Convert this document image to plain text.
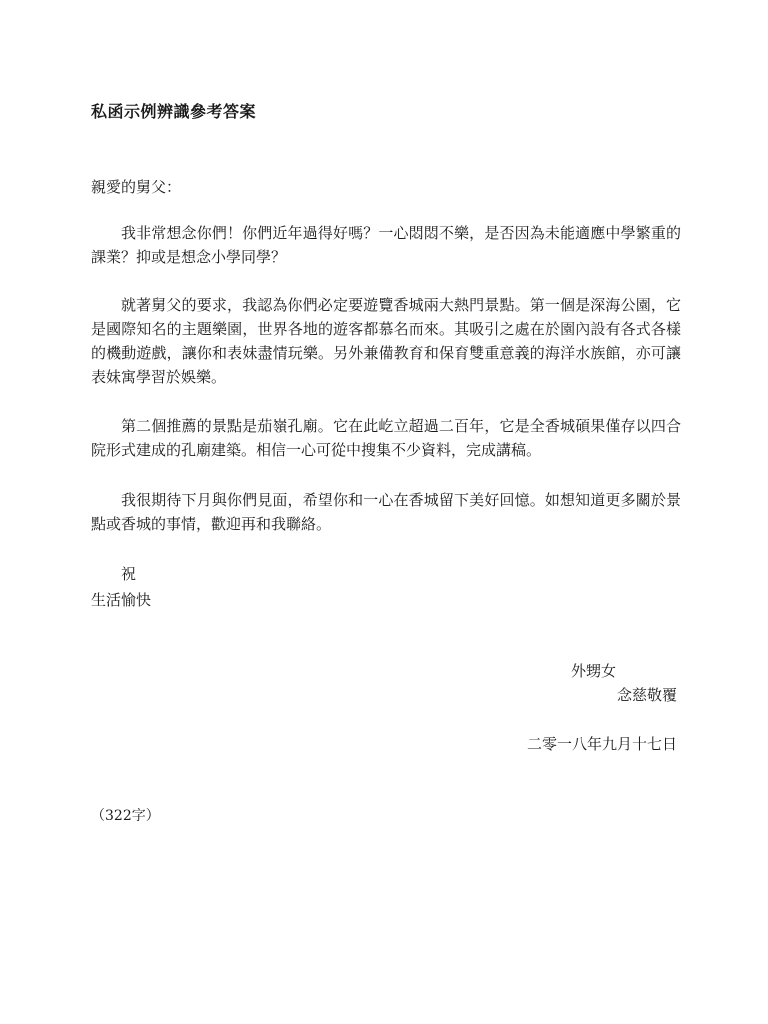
私函示例辨識參考答案
親愛的舅父：
我非常想念你們！你們近年過得好嗎？一心悶悶不樂，是否因為未能適應中學繁重的課業？抑或是想念小學同學？
就著舅父的要求，我認為你們必定要遊覽香城兩大熱門景點。第一個是深海公園，它是國際知名的主題樂園，世界各地的遊客都慕名而來。其吸引之處在於園內設有各式各樣的機動遊戲，讓你和表妹盡情玩樂。另外兼備教育和保育雙重意義的海洋水族館，亦可讓表妹寓學習於娛樂。
第二個推薦的景點是茄嶺孔廟。它在此屹立超過二百年，它是全香城碩果僅存以四合院形式建成的孔廟建築。相信一心可從中搜集不少資料，完成講稿。
我很期待下月與你們見面，希望你和一心在香城留下美好回憶。如想知道更多關於景點或香城的事情，歡迎再和我聯絡。
祝
生活愉快
外甥女
念慈敬覆
二零一八年九月十七日
（322字）
